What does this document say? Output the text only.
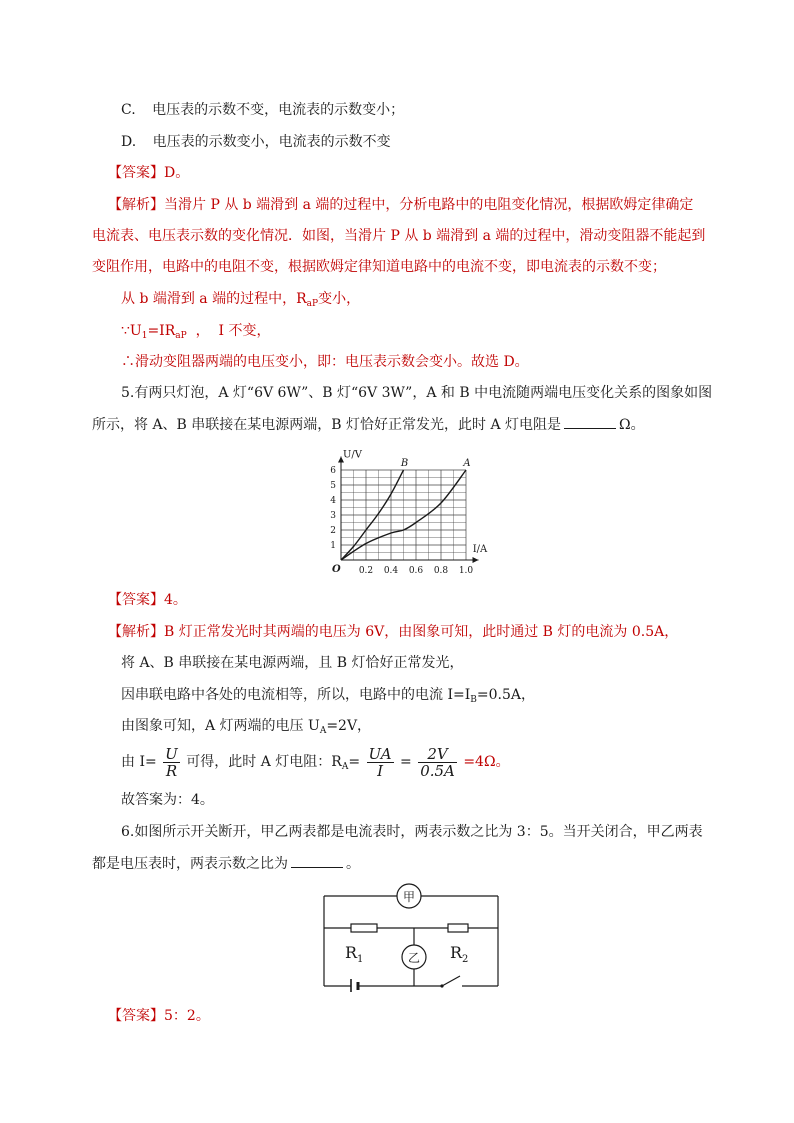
C. 电压表的示数不变，电流表的示数变小；
D. 电压表的示数变小，电流表的示数不变
【答案】D。
【解析】当滑片 P 从 b 端滑到 a 端的过程中，分析电路中的电阻变化情况，根据欧姆定律确定
电流表、电压表示数的变化情况．如图，当滑片 P 从 b 端滑到 a 端的过程中，滑动变阻器不能起到
变阻作用，电路中的电阻不变，根据欧姆定律知道电路中的电流不变，即电流表的示数不变；
从 b 端滑到 a 端的过程中，$R_{aP}$变小，
$\because U_1=IR_{aP}$  ，  I 不变，
∴滑动变阻器两端的电压变小，即：电压表示数会变小。故选 D。
5.有两只灯泡，A 灯“6V 6W”、B 灯“6V 3W”，A 和 B 中电流随两端电压变化关系的图象如图
所示，将 A、B 串联接在某电源两端，B 灯恰好正常发光，此时 A 灯电阻是	Ω。
B	A
0.2 0.4 0.6 0.8 1.0
1
2
3
4
5
6
I/A
U/V
O
【答案】4。
【解析】B 灯正常发光时其两端的电压为 6V，由图象可知，此时通过 B 灯的电流为 0.5A，
将 A、B 串联接在某电源两端，且 B 灯恰好正常发光，
因串联电路中各处的电流相等，所以，电路中的电流 $I=I_B=0.5A$，
由图象可知，A 灯两端的电压 $U_A=2V$，
由 $I= \frac{U}{R}$ 可得，此时 A 灯电阻：$R_A= \frac{UA}{I} = \frac{2V}{0.5A} =4\Omega$。
故答案为：4。
6.如图所示开关断开，甲乙两表都是电流表时，两表示数之比为 3：5。当开关闭合，甲乙两表
都是电压表时，两表示数之比为	。
甲
乙
$R_1$	$R_2$
【答案】5：2。
